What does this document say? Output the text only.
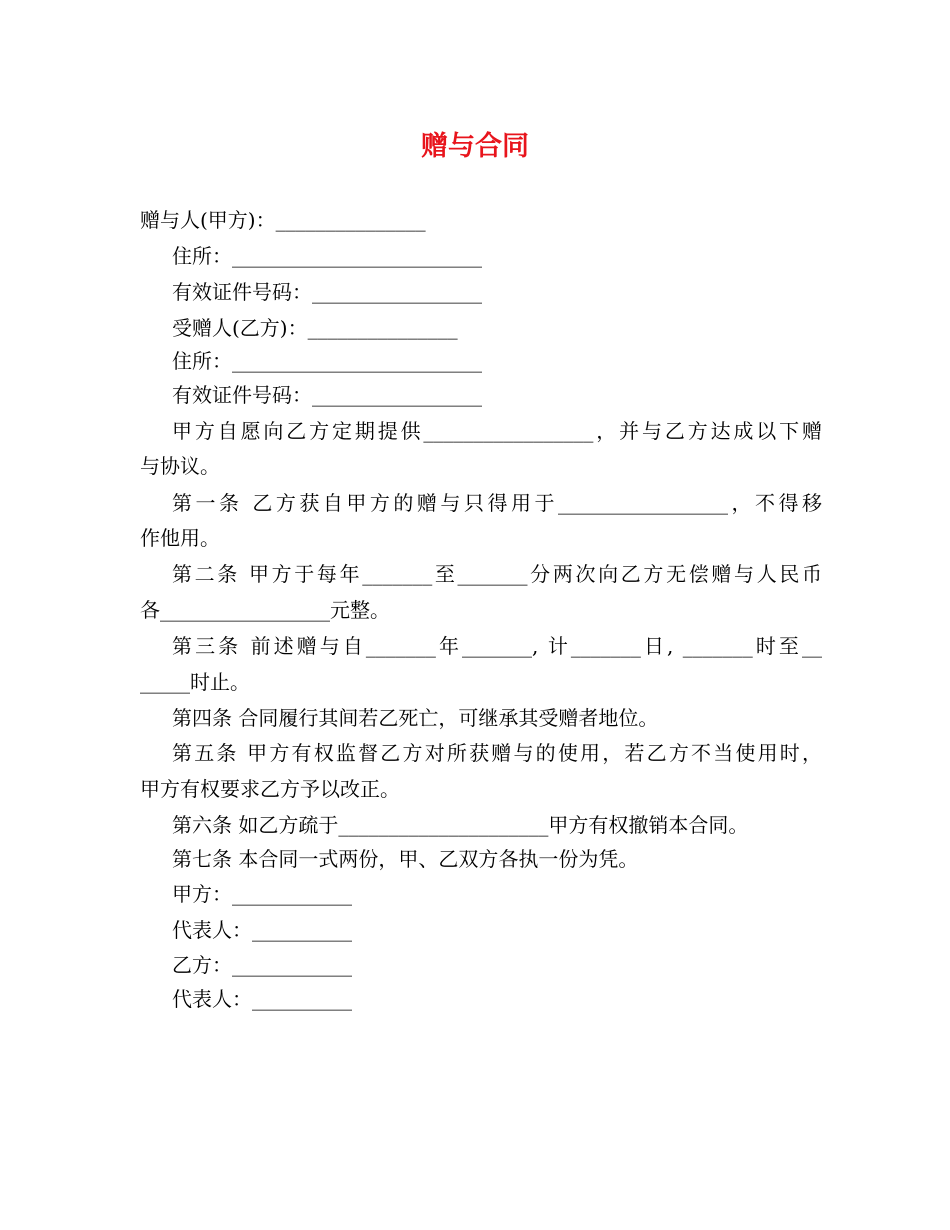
赠与合同
赠与人(甲方)：_______________
住所：_________________________
有效证件号码：_________________
受赠人(乙方)：_______________
住所：_________________________
有效证件号码：_________________
甲方自愿向乙方定期提供_________________，并与乙方达成以下赠
与协议。
第一条 乙方获自甲方的赠与只得用于_________________，不得移
作他用。
第二条 甲方于每年_______至_______分两次向乙方无偿赠与人民币
各_________________元整。
第三条 前述赠与自_______年_______, 计_______日, _______时至__
_____时止。
第四条 合同履行其间若乙死亡，可继承其受赠者地位。
第五条 甲方有权监督乙方对所获赠与的使用，若乙方不当使用时，
甲方有权要求乙方予以改正。
第六条 如乙方疏于_____________________甲方有权撤销本合同。
第七条 本合同一式两份，甲、乙双方各执一份为凭。
甲方：____________
代表人：__________
乙方：____________
代表人：__________
